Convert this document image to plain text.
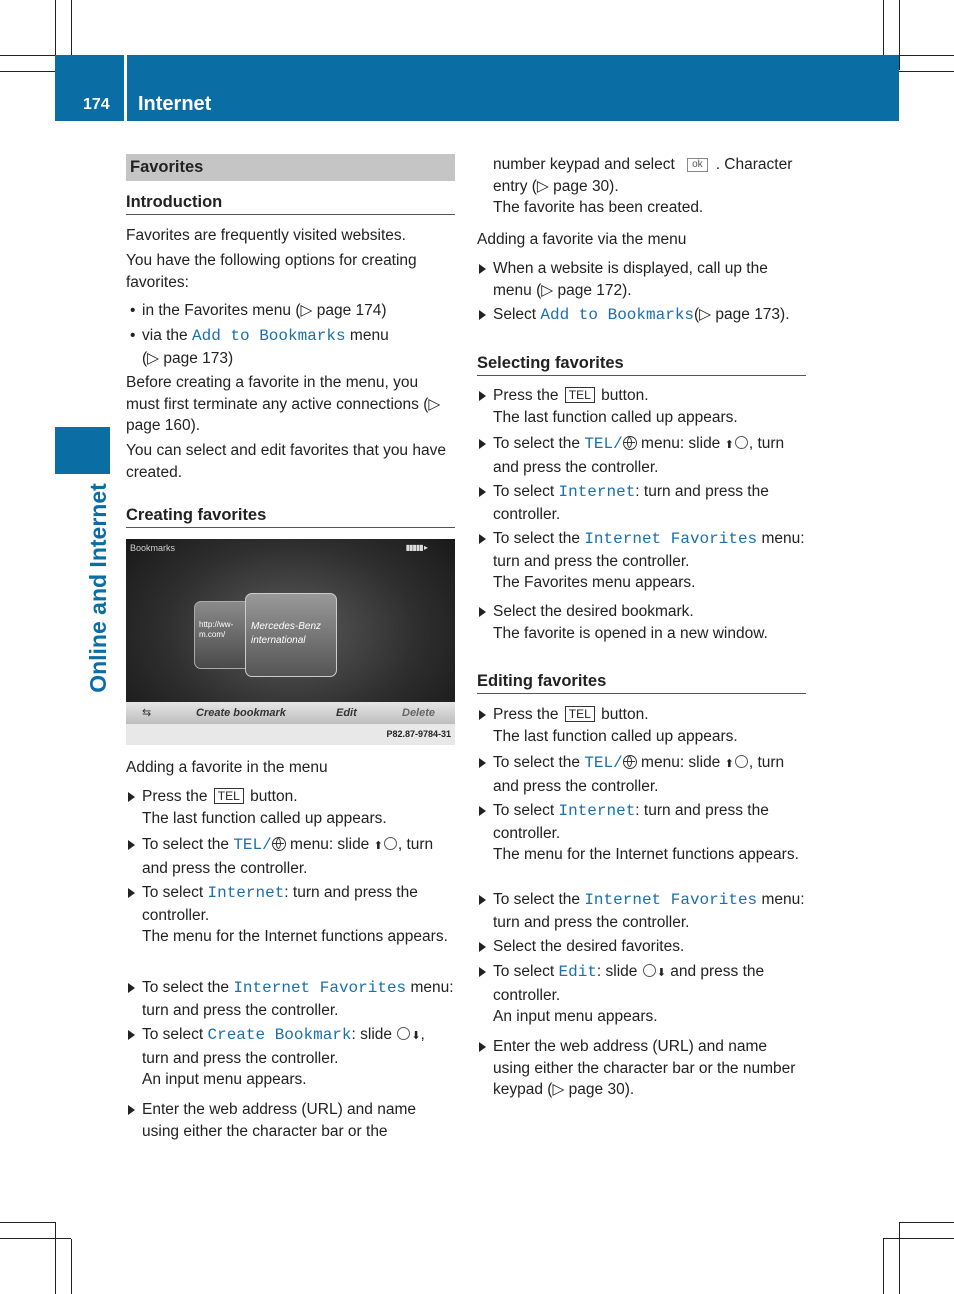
174 Internet
Online and Internet
Favorites
Introduction

Favorites are frequently visited websites.

You have the following options for creating favorites:

• in the Favorites menu (▷ page 174)
• via the Add to Bookmarks menu
(▷ page 173)

Before creating a favorite in the menu, you must first terminate any active connections (▷ page 160).

You can select and edit favorites that you have created.

Creating favorites
Bookmarks	▮▮▮▮▮ ▸
http://ww-
m.com/
Mercedes-Benz
international
⇆	Create bookmark	Edit	Delete
P82.87-9784-31

Adding a favorite in the menu

Press the TEL button.
The last function called up appears.
To select the TEL/ menu: slide ⬆ , turn and press the controller.
To select Internet: turn and press the controller.
The menu for the Internet functions appears.
To select the Internet Favorites menu: turn and press the controller.
To select Create Bookmark: slide ⬇, turn and press the controller.
An input menu appears.
Enter the web address (URL) and name using either the character bar or the
number keypad and select ok . Character entry (▷ page 30).
The favorite has been created.

Adding a favorite via the menu

When a website is displayed, call up the menu (▷ page 172).
Select Add to Bookmarks(▷ page 173).
Selecting favorites
Press the TEL button.
The last function called up appears.
To select the TEL/ menu: slide ⬆ , turn and press the controller.
To select Internet: turn and press the controller.
To select the Internet Favorites menu: turn and press the controller.
The Favorites menu appears.
Select the desired bookmark.
The favorite is opened in a new window.
Editing favorites
Press the TEL button.
The last function called up appears.
To select the TEL/ menu: slide ⬆ , turn and press the controller.
To select Internet: turn and press the controller.
The menu for the Internet functions appears.
To select the Internet Favorites menu: turn and press the controller.
Select the desired favorites.
To select Edit: slide ⬇ and press the controller.
An input menu appears.
Enter the web address (URL) and name using either the character bar or the number keypad (▷ page 30).
